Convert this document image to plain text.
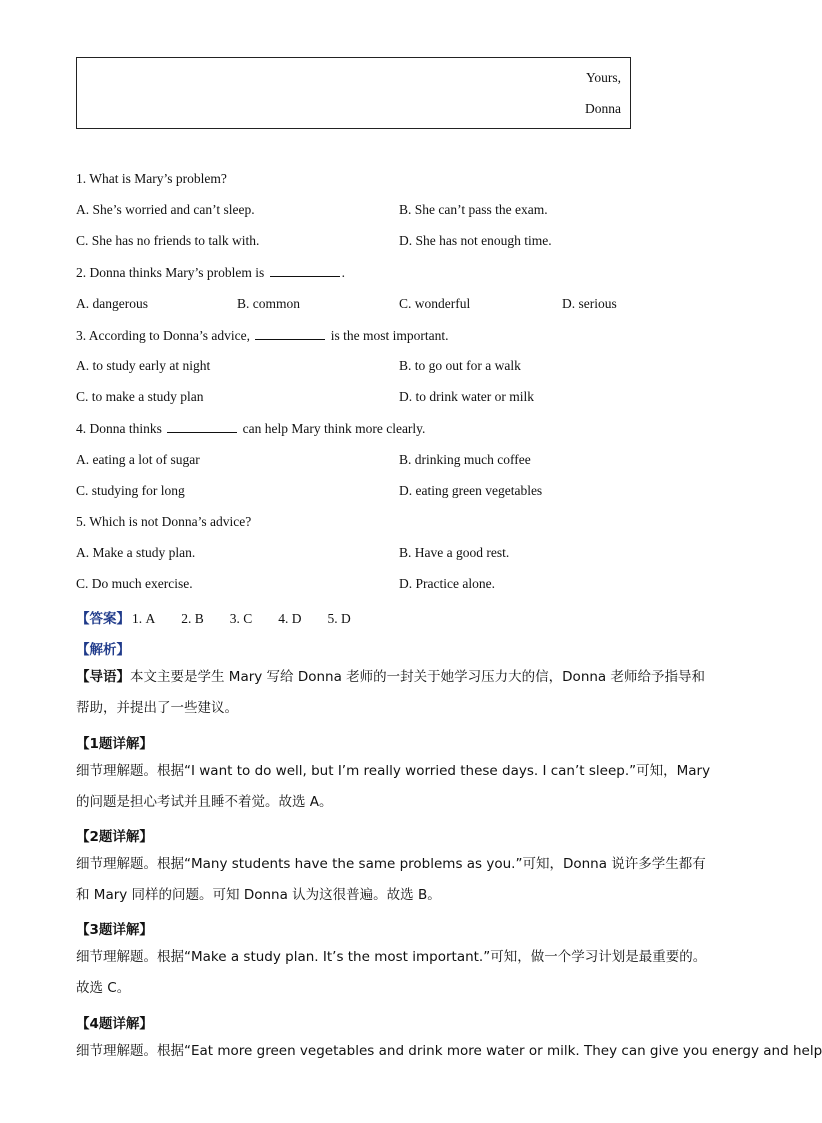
Yours,
Donna
1. What is Mary’s problem?
A. She’s worried and can’t sleep.	B. She can’t pass the exam.
C. She has no friends to talk with.	D. She has not enough time.
2. Donna thinks Mary’s problem is	.
A. dangerous	B. common	C. wonderful	D. serious
3. According to Donna’s advice,	is the most important.
A. to study early at night	B. to go out for a walk
C. to make a study plan	D. to drink water or milk
4. Donna thinks	can help Mary think more clearly.
A. eating a lot of sugar	B. drinking much coffee
C. studying for long	D. eating green vegetables
5. Which is not Donna’s advice?
A. Make a study plan.	B. Have a good rest.
C. Do much exercise.	D. Practice alone.
【答案】 1. A 2. B 3. C 4. D 5. D
【解析】
【导语】本文主要是学生 Mary 写给 Donna 老师的一封关于她学习压力大的信，Donna 老师给予指导和帮助，并提出了一些建议。
【1题详解】
细节理解题。根据“I want to do well, but I’m really worried these days. I can’t sleep.”可知，Mary 的问题是担心考试并且睡不着觉。故选 A。
【2题详解】
细节理解题。根据“Many students have the same problems as you.”可知，Donna 说许多学生都有和 Mary 同样的问题。可知 Donna 认为这很普遍。故选 B。
【3题详解】
细节理解题。根据“Make a study plan. It’s the most important.”可知，做一个学习计划是最重要的。故选 C。
【4题详解】
细节理解题。根据“Eat more green vegetables and drink more water or milk. They can give you energy and help
